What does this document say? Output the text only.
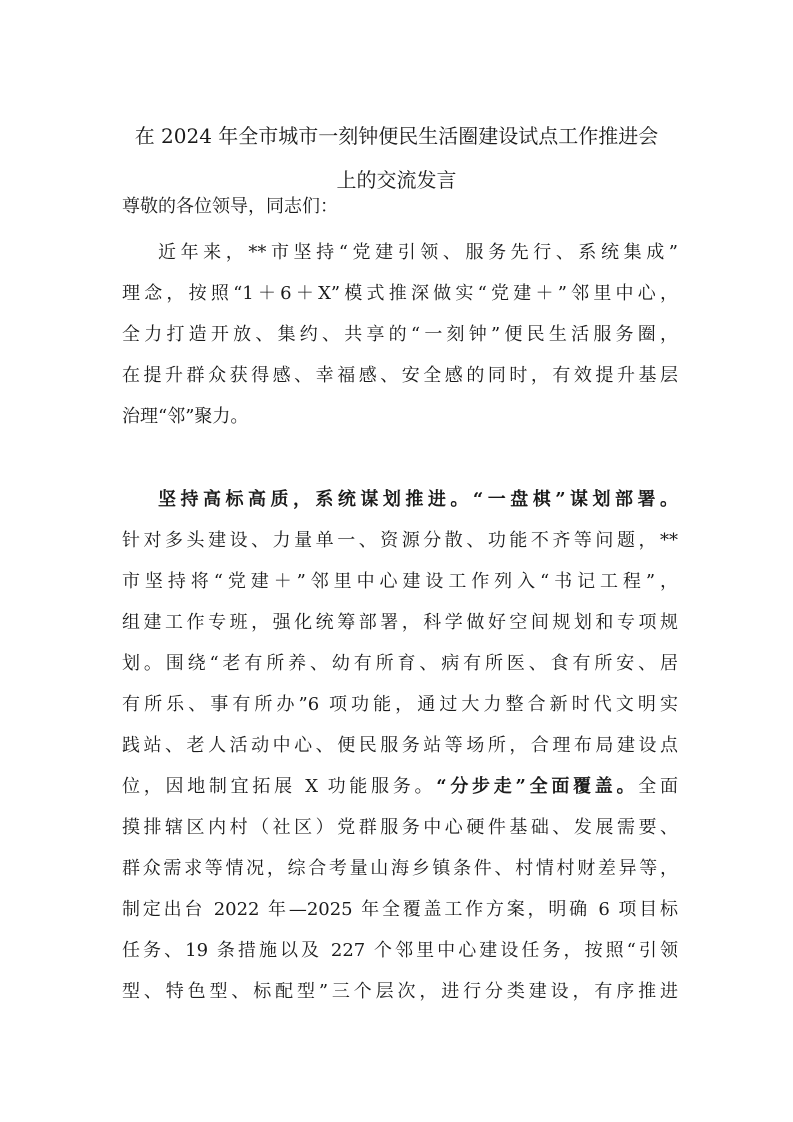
在 2024 年全市城市一刻钟便民生活圈建设试点工作推进会
上的交流发言
尊敬的各位领导，同志们：
近年来，**市坚持“党建引领、服务先行、系统集成”
理念，按照“1＋6＋X”模式推深做实“党建＋”邻里中心，
全力打造开放、集约、共享的“一刻钟”便民生活服务圈，
在提升群众获得感、幸福感、安全感的同时，有效提升基层
治理“邻”聚力。
坚持高标高质，系统谋划推进。“一盘棋”谋划部署。
针对多头建设、力量单一、资源分散、功能不齐等问题，**
市坚持将“党建＋”邻里中心建设工作列入“书记工程”，
组建工作专班，强化统筹部署，科学做好空间规划和专项规
划。围绕“老有所养、幼有所育、病有所医、食有所安、居
有所乐、事有所办”6 项功能，通过大力整合新时代文明实
践站、老人活动中心、便民服务站等场所，合理布局建设点
位，因地制宜拓展 X 功能服务。“分步走”全面覆盖。全面
摸排辖区内村（社区）党群服务中心硬件基础、发展需要、
群众需求等情况，综合考量山海乡镇条件、村情村财差异等，
制定出台 2022 年—2025 年全覆盖工作方案，明确 6 项目标
任务、19 条措施以及 227 个邻里中心建设任务，按照“引领
型、特色型、标配型”三个层次，进行分类建设，有序推进
